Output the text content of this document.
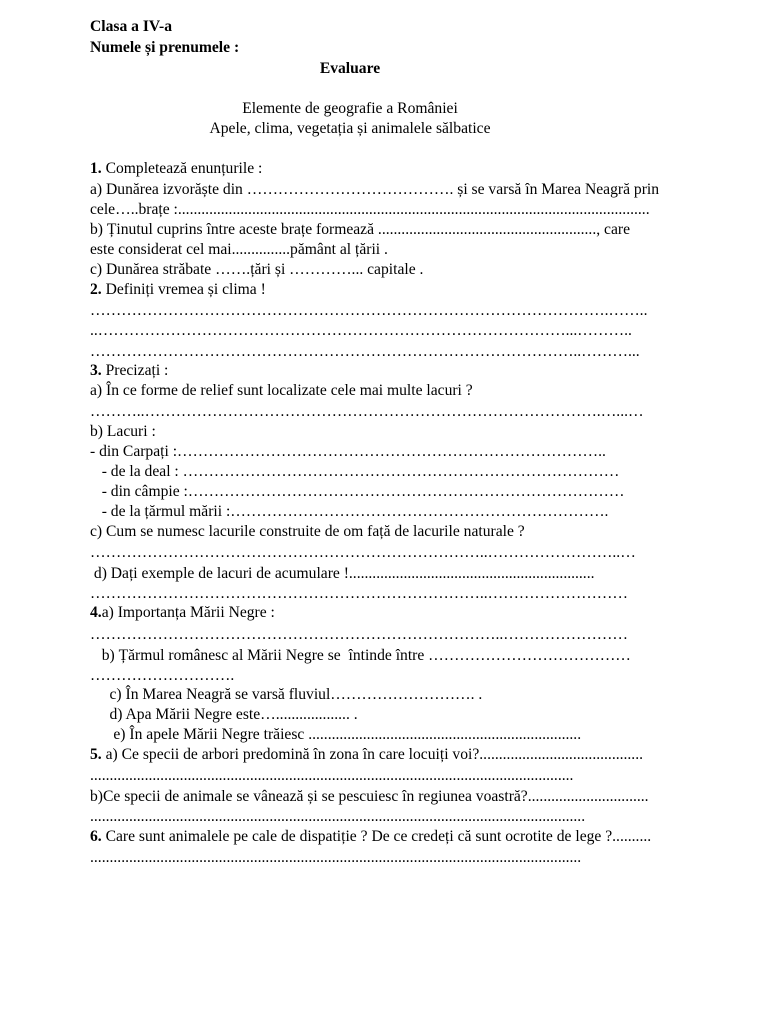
Clasa a IV-a
Numele și prenumele :
Evaluare
Elemente de geografie a României
Apele, clima, vegetația și animalele sălbatice
1. Completează enunțurile :
a) Dunărea izvorăște din …………………………………. și se varsă în Marea Neagră prin
cele…..brațe :.........................................................................................................................
b) Ținutul cuprins între aceste brațe formează ........................................................, care
este considerat cel mai...............pământ al țării .
c) Dunărea străbate …….țări și …………... capitale .
2. Definiți vremea și clima !
……………………………………………………………………………………….……..
..………………………………………………………………………………...………..
…………………………………………………………………………………..………...
3. Precizați :
a) În ce forme de relief sunt localizate cele mai multe lacuri ?
………..…………………………………………………………………………….…...…
b) Lacuri :
- din Carpați :………………………………………………………………………..
- de la deal : …………………………………………………………………………
- din câmpie :…………………………………………………………………………
- de la țărmul mării :……………………………………………………………….
c) Cum se numesc lacurile construite de om față de lacurile naturale ?
…………………………………………………………………..……………………..…
d) Dați exemple de lacuri de acumulare !...............................................................
…………………………………………………………………..………………………
4.a) Importanța Mării Negre :
……………………………………………………………………..……………………
b) Țărmul românesc al Mării Negre se  întinde între …………………………………
……………………….
c) În Marea Neagră se varsă fluviul………………………. .
d) Apa Mării Negre este…................... .
e) În apele Mării Negre trăiesc ......................................................................
5. a) Ce specii de arbori predomină în zona în care locuiți voi?..........................................
............................................................................................................................
b)Ce specii de animale se vânează și se pescuiesc în regiunea voastră?...............................
...............................................................................................................................
6. Care sunt animalele pe cale de dispatiție ? De ce credeți că sunt ocrotite de lege ?..........
..............................................................................................................................
